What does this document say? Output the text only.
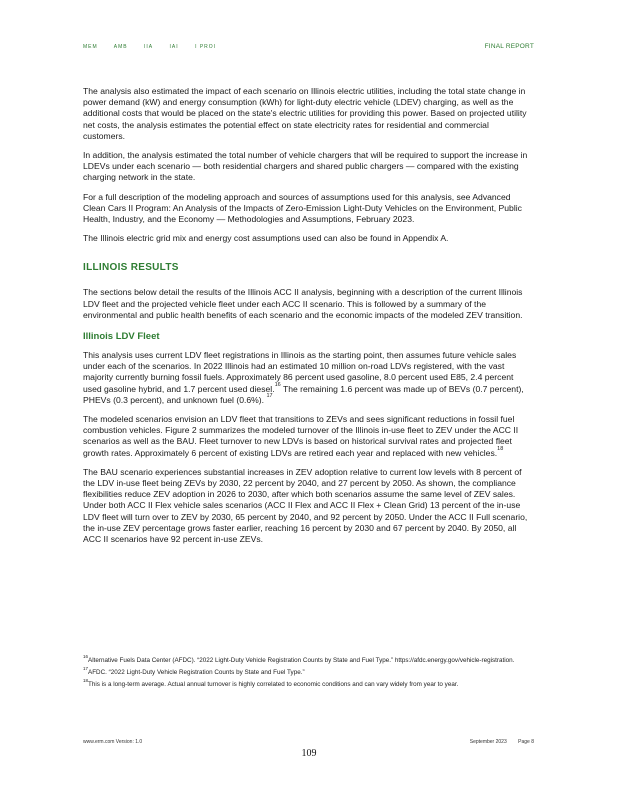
MEM	AMB	IIA	IAI	I PROI	FINAL REPORT

The analysis also estimated the impact of each scenario on Illinois electric utilities, including the total state change in power demand (kW) and energy consumption (kWh) for light-duty electric vehicle (LDEV) charging, as well as the additional costs that would be placed on the state's electric utilities for providing this power. Based on projected utility net costs, the analysis estimates the potential effect on state electricity rates for residential and commercial customers.

In addition, the analysis estimated the total number of vehicle chargers that will be required to support the increase in LDEVs under each scenario — both residential chargers and shared public chargers — compared with the existing charging network in the state.

For a full description of the modeling approach and sources of assumptions used for this analysis, see Advanced Clean Cars II Program: An Analysis of the Impacts of Zero-Emission Light-Duty Vehicles on the Environment, Public Health, Industry, and the Economy — Methodologies and Assumptions, February 2023.

The Illinois electric grid mix and energy cost assumptions used can also be found in Appendix A.

ILLINOIS RESULTS

The sections below detail the results of the Illinois ACC II analysis, beginning with a description of the current Illinois LDV fleet and the projected vehicle fleet under each ACC II scenario. This is followed by a summary of the environmental and public health benefits of each scenario and the economic impacts of the modeled ZEV transition.

Illinois LDV Fleet

This analysis uses current LDV fleet registrations in Illinois as the starting point, then assumes future vehicle sales under each of the scenarios. In 2022 Illinois had an estimated 10 million on-road LDVs registered, with the vast majority currently burning fossil fuels. Approximately 86 percent used gasoline, 8.0 percent used E85, 2.4 percent used gasoline hybrid, and 1.7 percent used diesel.$^{16}$ The remaining 1.6 percent was made up of BEVs (0.7 percent), PHEVs (0.3 percent), and unknown fuel (0.6%). $^{17}$

The modeled scenarios envision an LDV fleet that transitions to ZEVs and sees significant reductions in fossil fuel combustion vehicles. Figure 2 summarizes the modeled turnover of the Illinois in-use fleet to ZEV under the ACC II scenarios as well as the BAU. Fleet turnover to new LDVs is based on historical survival rates and projected fleet growth rates. Approximately 6 percent of existing LDVs are retired each year and replaced with new vehicles.$^{18}$

The BAU scenario experiences substantial increases in ZEV adoption relative to current low levels with 8 percent of the LDV in-use fleet being ZEVs by 2030, 22 percent by 2040, and 27 percent by 2050. As shown, the compliance flexibilities reduce ZEV adoption in 2026 to 2030, after which both scenarios assume the same level of ZEV sales. Under both ACC II Flex vehicle sales scenarios (ACC II Flex and ACC II Flex + Clean Grid) 13 percent of the in-use LDV fleet will turn over to ZEV by 2030, 65 percent by 2040, and 92 percent by 2050. Under the ACC II Full scenario, the in-use ZEV percentage grows faster earlier, reaching 16 percent by 2030 and 67 percent by 2040. By 2050, all ACC II scenarios have 92 percent in-use ZEVs.

$^{16}$Alternative Fuels Data Center (AFDC). “2022 Light-Duty Vehicle Registration Counts by State and Fuel Type.” https://afdc.energy.gov/vehicle-registration.

$^{17}$AFDC. “2022 Light-Duty Vehicle Registration Counts by State and Fuel Type.”

$^{18}$This is a long-term average. Actual annual turnover is highly correlated to economic conditions and can vary widely from year to year.

www.erm.com Version: 1.0	September 2023 Page 8
109
